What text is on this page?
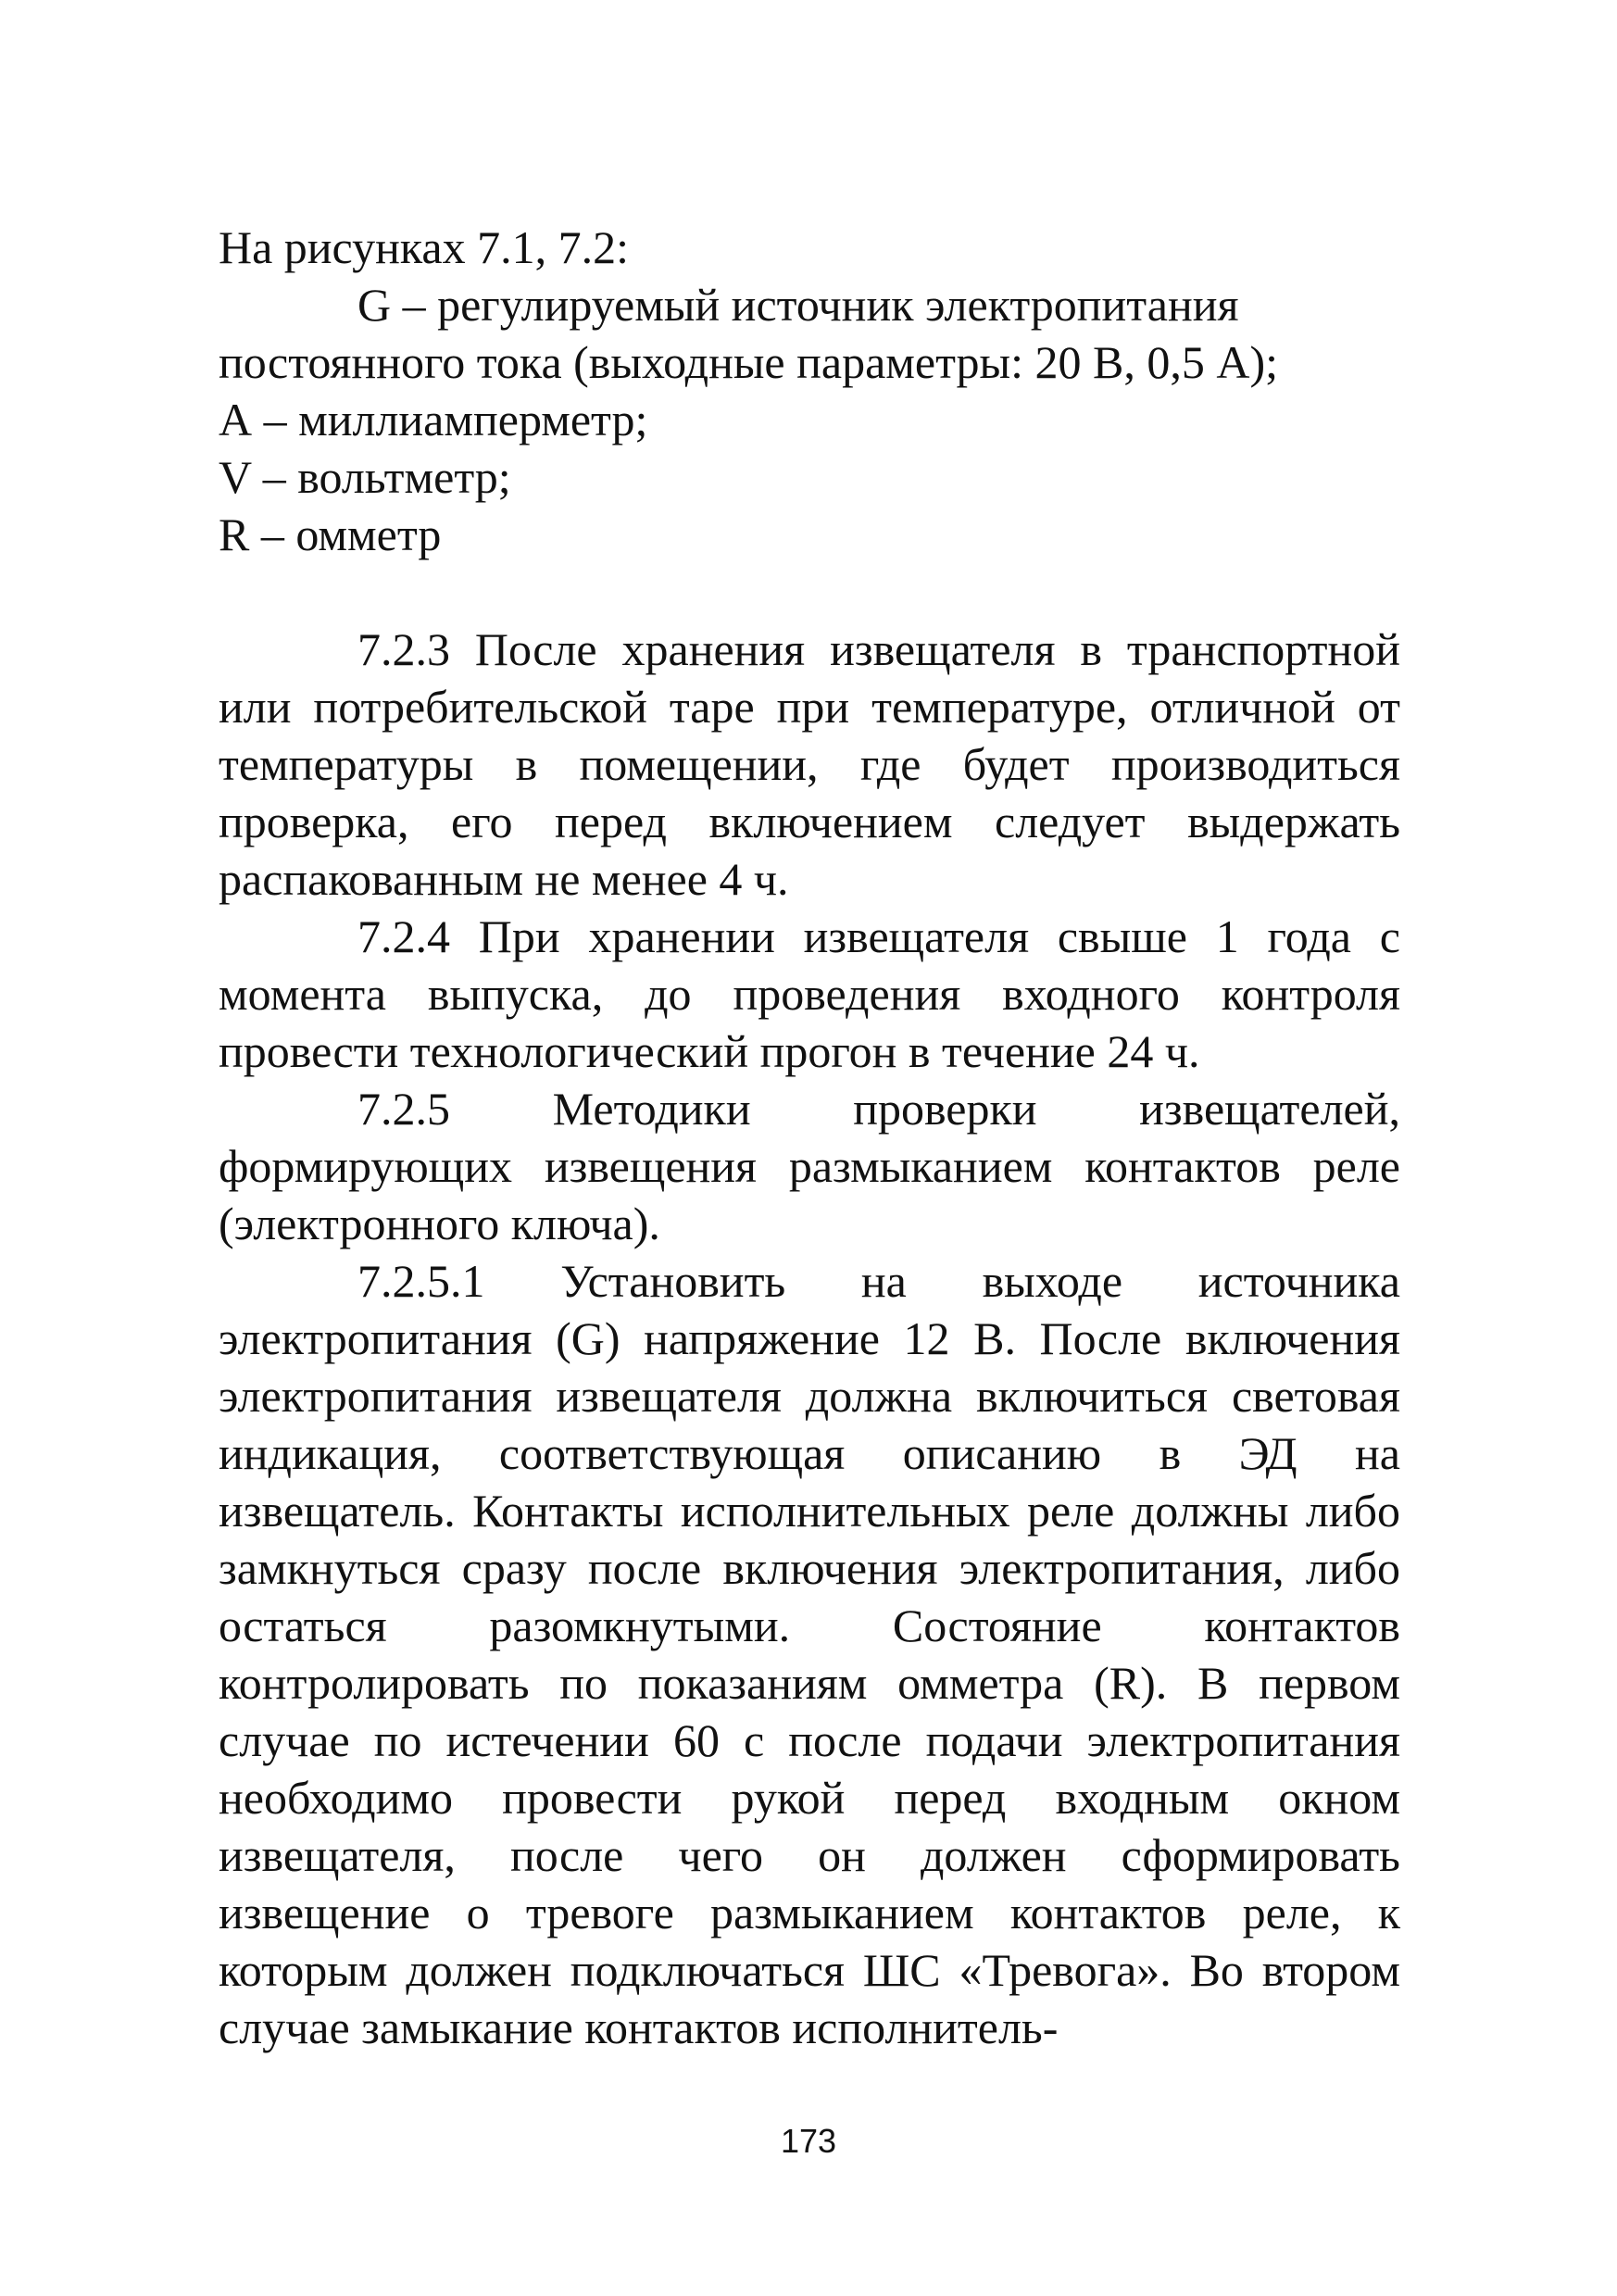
На рисунках 7.1, 7.2:

G – регулируемый источник электропитания постоянного тока (выходные параметры: 20 В, 0,5 А);

А – миллиамперметр;

V – вольтметр;

R – омметр

7.2.3 После хранения извещателя в транспортной или потребительской таре при температуре, отличной от температуры в помещении, где будет производиться проверка, его перед включением следует выдержать распакованным не менее 4 ч.

7.2.4 При хранении извещателя свыше 1 года с момента выпуска, до проведения входного контроля провести технологический прогон в течение 24 ч.

7.2.5 Методики проверки извещателей, формирующих извещения размыканием контактов реле (электронного ключа).

7.2.5.1 Установить на выходе источника электропитания (G) напряжение 12 В. После включения электропитания извещателя должна включиться световая индикация, соответствующая описанию в ЭД на извещатель. Контакты исполнительных реле должны либо замкнуться сразу после включения электропитания, либо остаться разомкнутыми. Состояние контактов контролировать по показаниям омметра (R). В первом случае по истечении 60 с после подачи электропитания необходимо провести рукой перед входным окном извещателя, после чего он должен сформировать извещение о тревоге размыканием контактов реле, к которым должен подключаться ШС «Тревога». Во втором случае замыкание контактов исполнитель-

173
